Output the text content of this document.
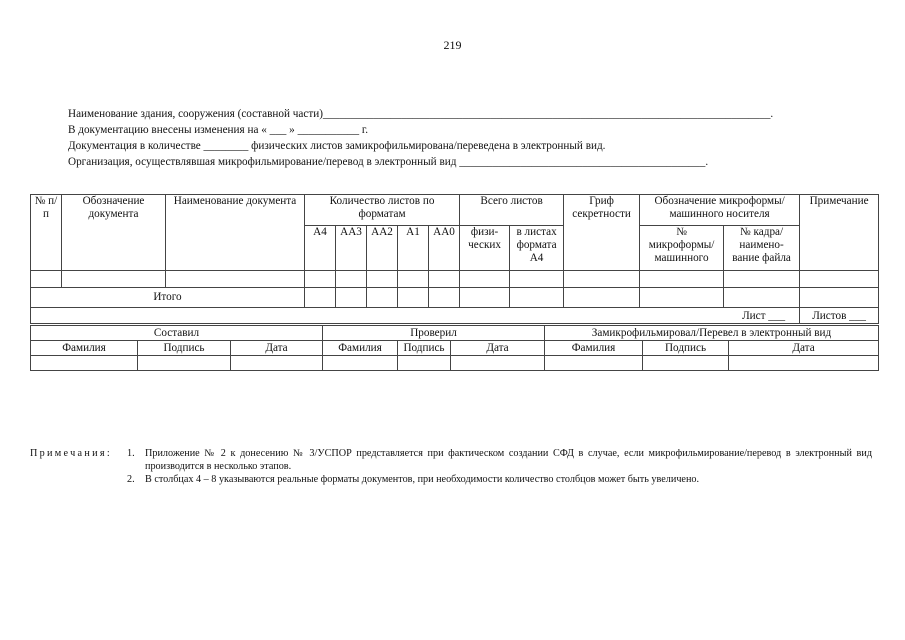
219
Наименование здания, сооружения (составной части)________________________________________________________________________________.
В документацию внесены изменения на « ___ » ___________ г.
Документация в количестве ________ физических листов замикрофильмирована/переведена в электронный вид.
Организация, осуществлявшая микрофильмирование/перевод в электронный вид ____________________________________________.
№ п/п	Обозначение документа	Наименование документа	Количество листов по форматам					Всего листов		Гриф секретности	Обозначение микроформы/ машинного носителя		Примечание
			А4	АА3	АА2	А1	АА0	физи-ческих	в листах формата А4		№ микроформы/ машинного	№ кадра/ наимено-вание файла	

Итого													
Лист ___													Листов ___
Составил			Проверил			Замикрофильмировал/Перевел в электронный вид		
Фамилия	Подпись	Дата	Фамилия	Подпись	Дата	Фамилия	Подпись	Дата

Примечания: 1. Приложение № 2 к донесению № 3/УСПОР представляется при фактическом создании СФД в случае, если микрофильмирование/перевод в электронный вид производится в несколько этапов.
2. В столбцах 4 – 8 указываются реальные форматы документов, при необходимости количество столбцов может быть увеличено.
